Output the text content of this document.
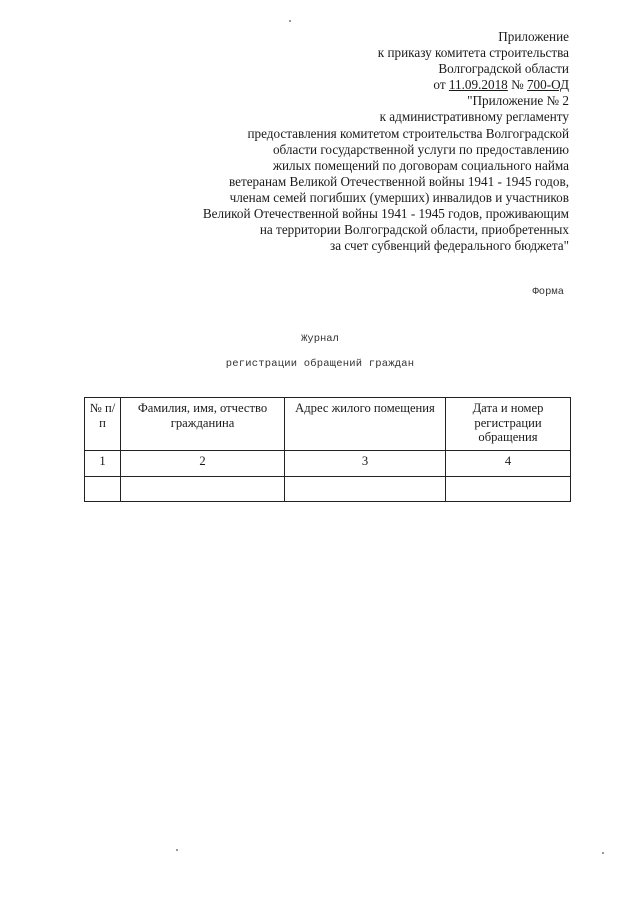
Приложение
к приказу комитета строительства
Волгоградской области
от 11.09.2018 № 700-ОД
"Приложение № 2
к административному регламенту
предоставления комитетом строительства Волгоградской
области государственной услуги по предоставлению
жилых помещений по договорам социального найма
ветеранам Великой Отечественной войны 1941 - 1945 годов,
членам семей погибших (умерших) инвалидов и участников
Великой Отечественной войны 1941 - 1945 годов, проживающим
на территории Волгоградской области, приобретенных
за счет субвенций федерального бюджета"
Форма
Журнал
регистрации обращений граждан
№ п/п	Фамилия, имя, отчество гражданина	Адрес жилого помещения	Дата и номер регистрации обращения
1	2	3	4
